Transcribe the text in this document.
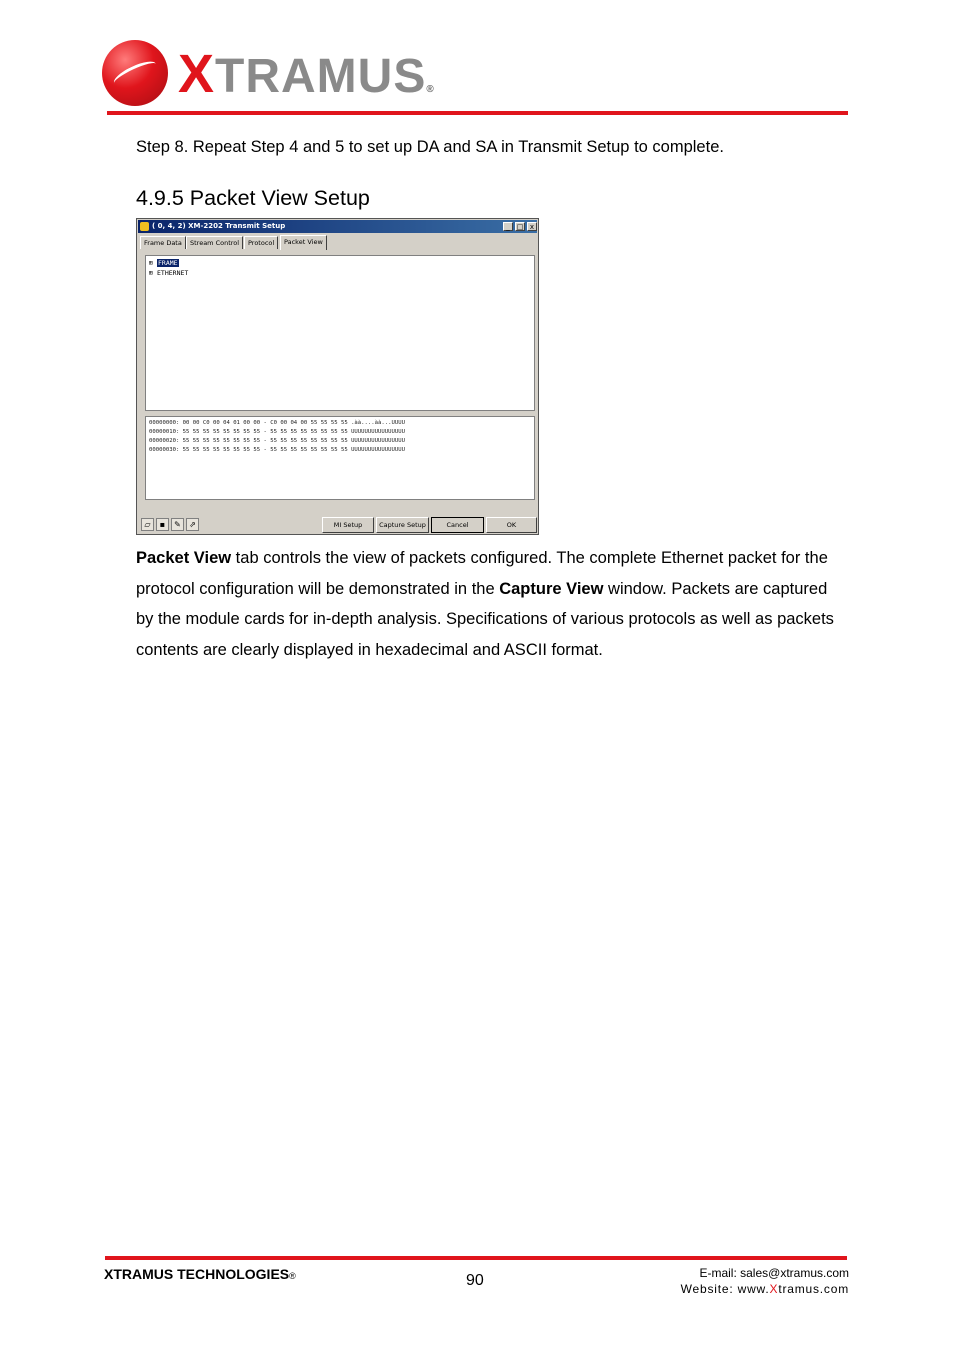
XTRAMUS®
Step 8. Repeat Step 4 and 5 to set up DA and SA in Transmit Setup to complete.
4.9.5 Packet View Setup
( 0, 4, 2) XM-2202 Transmit Setup	_ □ x
Frame Data	Stream Control	Protocol	Packet View
⊞ FRAME
⊞ ETHERNET
00000000: 00 00 C0 00 04 01 00 00 - C0 00 04 00 55 55 55 55 .àà....àà...UUUU
00000010: 55 55 55 55 55 55 55 55 - 55 55 55 55 55 55 55 55 UUUUUUUUUUUUUUUU
00000020: 55 55 55 55 55 55 55 55 - 55 55 55 55 55 55 55 55 UUUUUUUUUUUUUUUU
00000030: 55 55 55 55 55 55 55 55 - 55 55 55 55 55 55 55 55 UUUUUUUUUUUUUUUU
▱	▪	✎	⇗	MI Setup	Capture Setup	Cancel	OK

Packet View tab controls the view of packets configured. The complete Ethernet packet for the protocol configuration will be demonstrated in the Capture View window. Packets are captured by the module cards for in-depth analysis. Specifications of various protocols as well as packets contents are clearly displayed in hexadecimal and ASCII format.

XTRAMUS TECHNOLOGIES®	90	E-mail: sales@xtramus.com
Website: www.Xtramus.com
